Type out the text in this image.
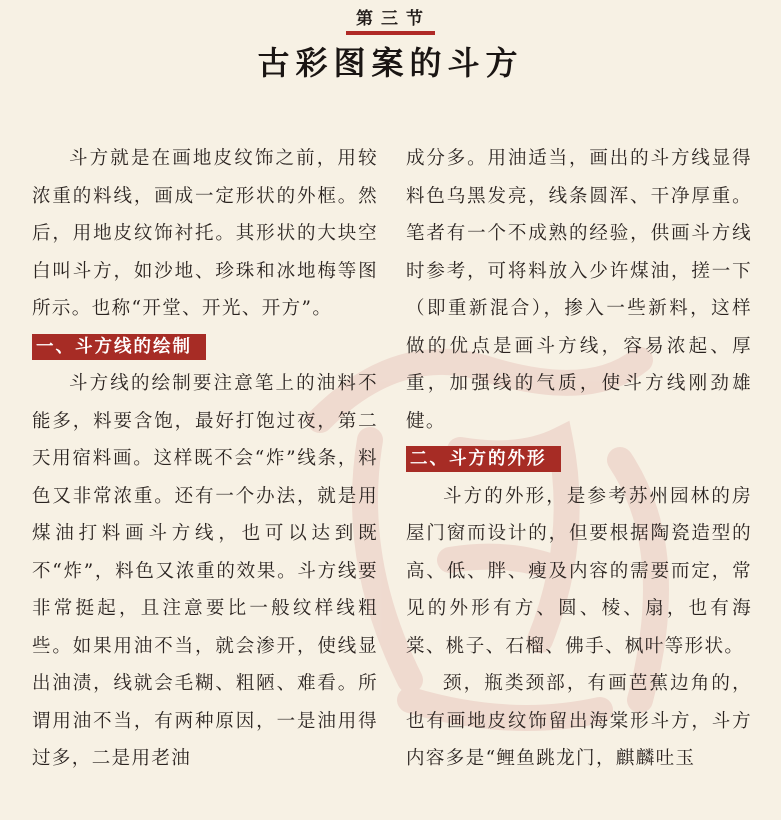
第三节
古彩图案的斗方

斗方就是在画地皮纹饰之前，用较浓重的料线，画成一定形状的外框。然后，用地皮纹饰衬托。其形状的大块空白叫斗方，如沙地、珍珠和冰地梅等图所示。也称“开堂、开光、开方”。

一、斗方线的绘制

斗方线的绘制要注意笔上的油料不能多，料要含饱，最好打饱过夜，第二天用宿料画。这样既不会“炸”线条，料色又非常浓重。还有一个办法，就是用煤油打料画斗方线，也可以达到既不“炸”，料色又浓重的效果。斗方线要非常挺起，且注意要比一般纹样线粗些。如果用油不当，就会渗开，使线显出油渍，线就会毛糊、粗陋、难看。所谓用油不当，有两种原因，一是油用得过多，二是用老油

成分多。用油适当，画出的斗方线显得料色乌黑发亮，线条圆浑、干净厚重。笔者有一个不成熟的经验，供画斗方线时参考，可将料放入少许煤油，搓一下（即重新混合），掺入一些新料，这样做的优点是画斗方线，容易浓起、厚重，加强线的气质，使斗方线刚劲雄健。

二、斗方的外形

斗方的外形，是参考苏州园林的房屋门窗而设计的，但要根据陶瓷造型的高、低、胖、瘦及内容的需要而定，常见的外形有方、圆、棱、扇，也有海棠、桃子、石榴、佛手、枫叶等形状。

颈，瓶类颈部，有画芭蕉边角的，也有画地皮纹饰留出海棠形斗方，斗方内容多是“鲤鱼跳龙门，麒麟吐玉
